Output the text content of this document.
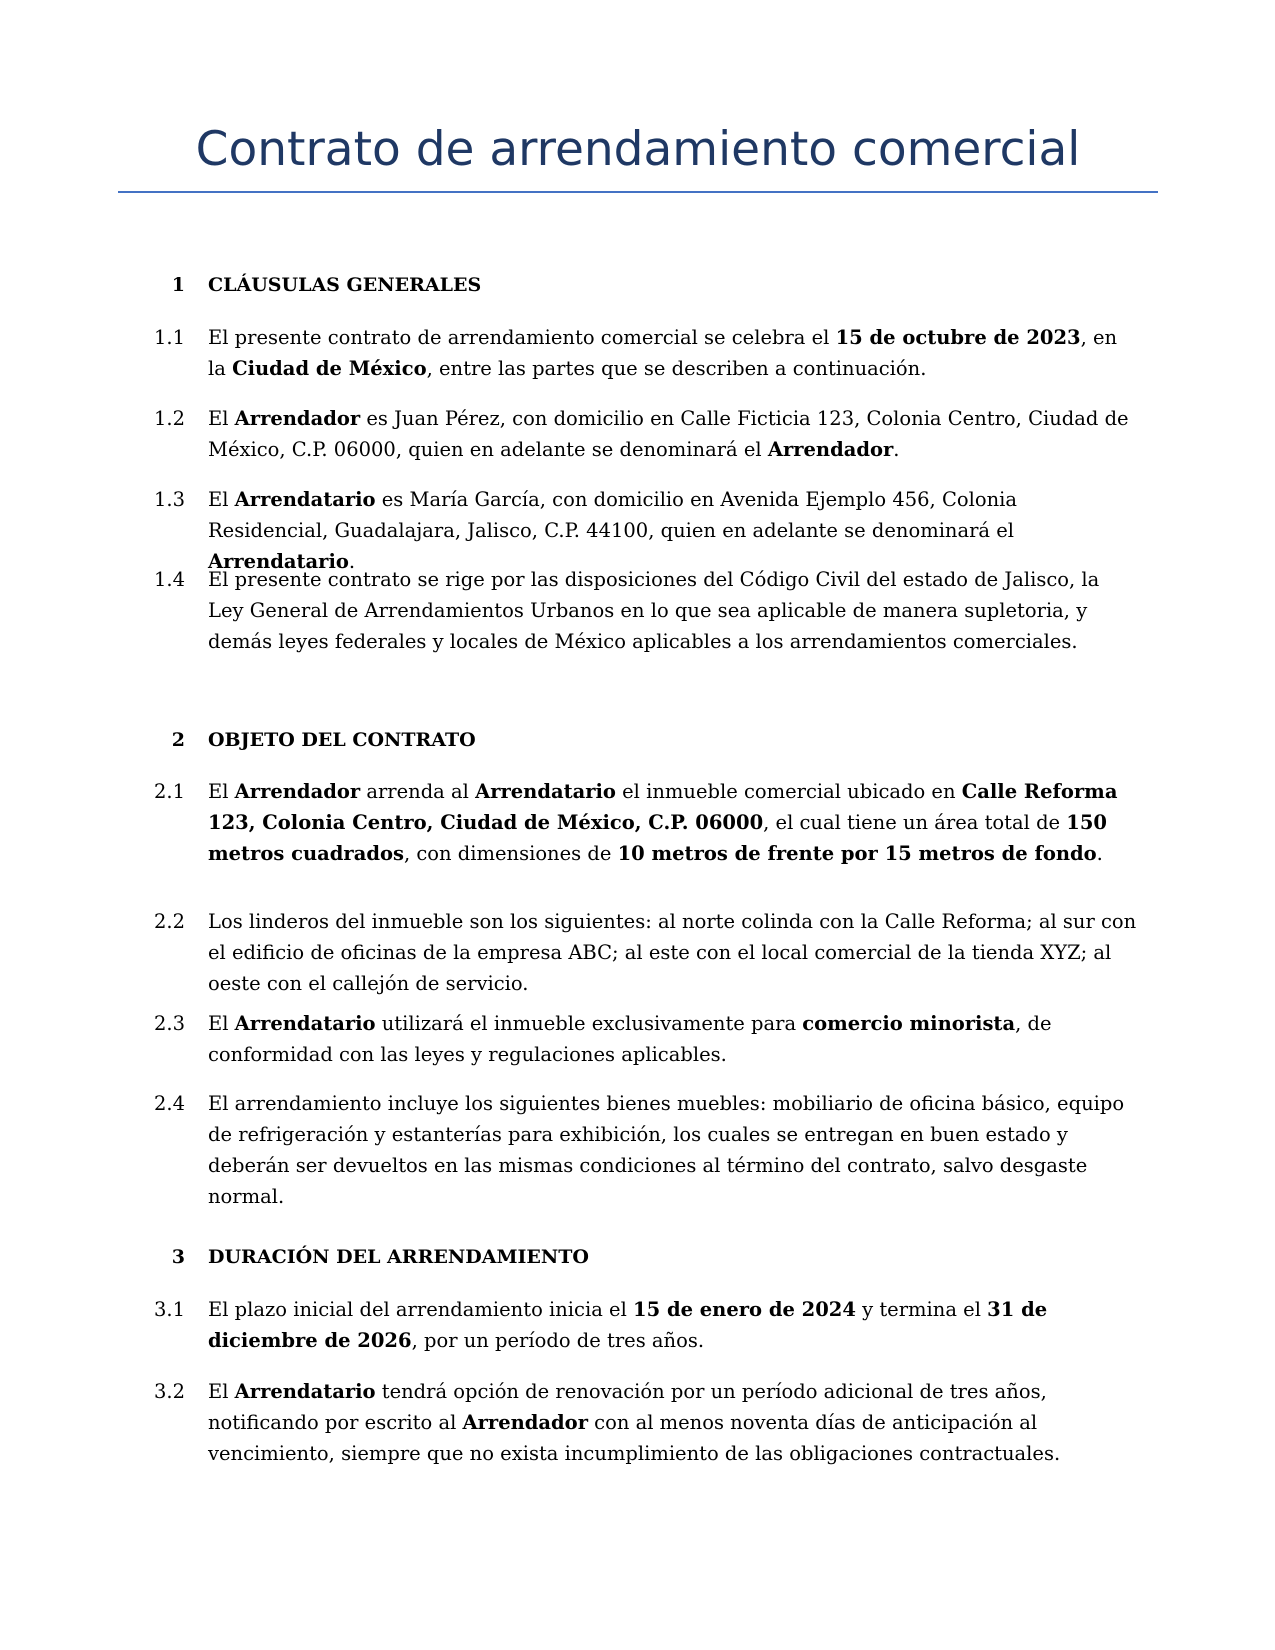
Contrato de arrendamiento comercial
1 CLÁUSULAS GENERALES
1.1 El presente contrato de arrendamiento comercial se celebra el 15 de octubre de 2023, en la Ciudad de México, entre las partes que se describen a continuación.
1.2 El Arrendador es Juan Pérez, con domicilio en Calle Ficticia 123, Colonia Centro, Ciudad de México, C.P. 06000, quien en adelante se denominará el Arrendador.
1.3 El Arrendatario es María García, con domicilio en Avenida Ejemplo 456, Colonia Residencial, Guadalajara, Jalisco, C.P. 44100, quien en adelante se denominará el Arrendatario.
1.4 El presente contrato se rige por las disposiciones del Código Civil del estado de Jalisco, la Ley General de Arrendamientos Urbanos en lo que sea aplicable de manera supletoria, y demás leyes federales y locales de México aplicables a los arrendamientos comerciales.
2 OBJETO DEL CONTRATO
2.1 El Arrendador arrenda al Arrendatario el inmueble comercial ubicado en Calle Reforma 123, Colonia Centro, Ciudad de México, C.P. 06000, el cual tiene un área total de 150 metros cuadrados, con dimensiones de 10 metros de frente por 15 metros de fondo.
2.2 Los linderos del inmueble son los siguientes: al norte colinda con la Calle Reforma; al sur con el edificio de oficinas de la empresa ABC; al este con el local comercial de la tienda XYZ; al oeste con el callejón de servicio.
2.3 El Arrendatario utilizará el inmueble exclusivamente para comercio minorista, de conformidad con las leyes y regulaciones aplicables.
2.4 El arrendamiento incluye los siguientes bienes muebles: mobiliario de oficina básico, equipo de refrigeración y estanterías para exhibición, los cuales se entregan en buen estado y deberán ser devueltos en las mismas condiciones al término del contrato, salvo desgaste normal.
3 DURACIÓN DEL ARRENDAMIENTO
3.1 El plazo inicial del arrendamiento inicia el 15 de enero de 2024 y termina el 31 de diciembre de 2026, por un período de tres años.
3.2 El Arrendatario tendrá opción de renovación por un período adicional de tres años, notificando por escrito al Arrendador con al menos noventa días de anticipación al vencimiento, siempre que no exista incumplimiento de las obligaciones contractuales.
